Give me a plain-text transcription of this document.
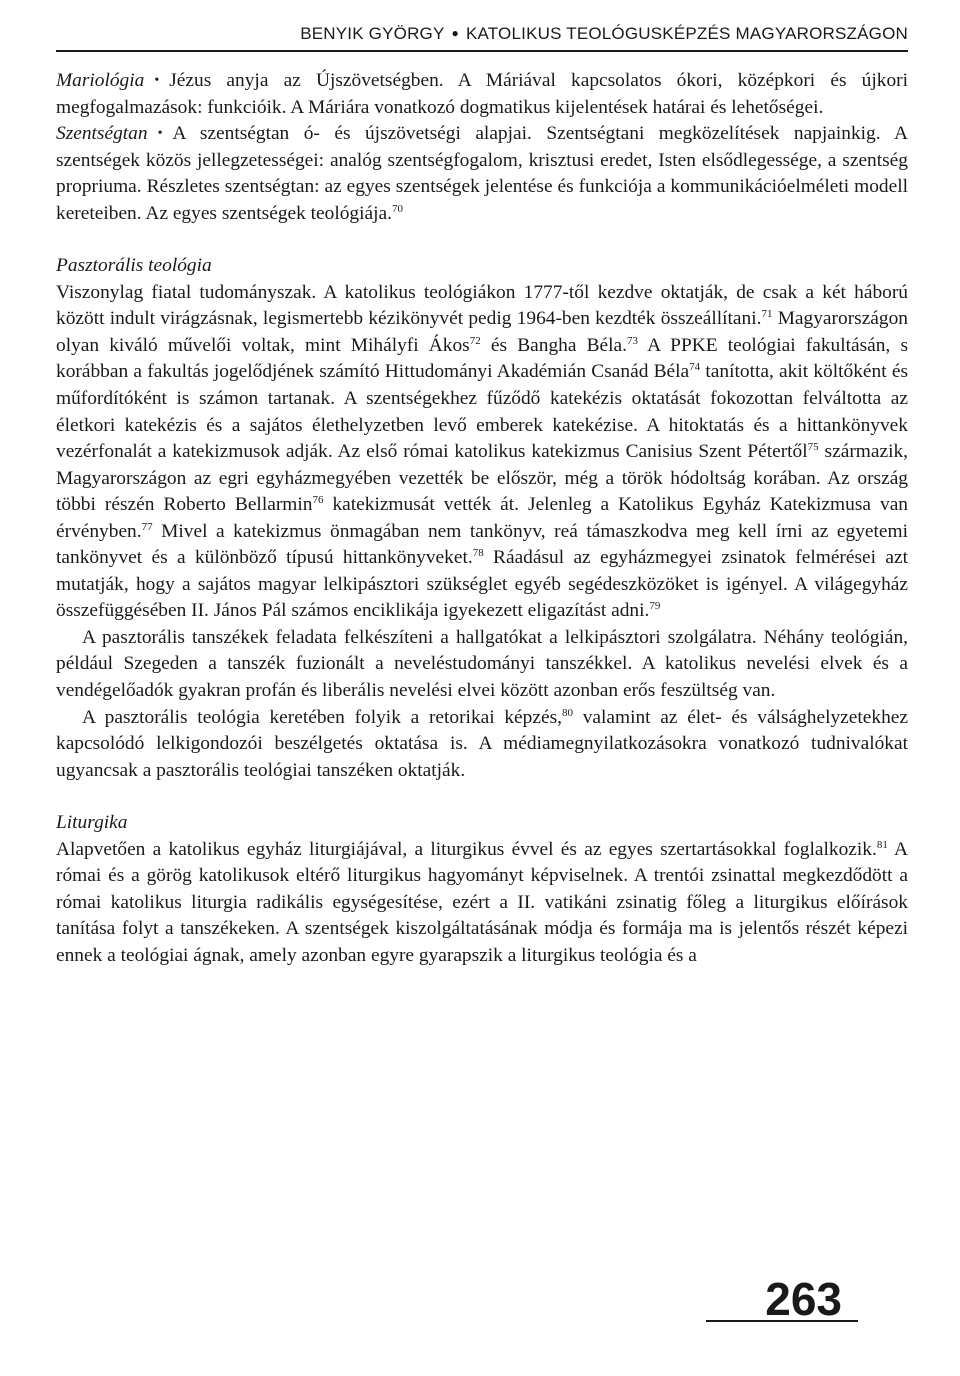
BENYIK GYÖRGY ● KATOLIKUS TEOLÓGUSKÉPZÉS MAGYARORSZÁGON

Mariológia • Jézus anyja az Újszövetségben. A Máriával kapcsolatos ókori, középkori és újkori megfogalmazások: funkcióik. A Máriára vonatkozó dogmatikus kijelentések határai és lehetőségei.

Szentségtan • A szentségtan ó- és újszövetségi alapjai. Szentségtani megközelítések napjainkig. A szentségek közös jellegzetességei: analóg szentségfogalom, krisztusi eredet, Isten elsődlegessége, a szentség propriuma. Részletes szentségtan: az egyes szentségek jelentése és funkciója a kommunikációelméleti modell kereteiben. Az egyes szentségek teológiája.$^{70}$

Pasztorális teológia

Viszonylag fiatal tudományszak. A katolikus teológiákon 1777-től kezdve oktatják, de csak a két háború között indult virágzásnak, legismertebb kézikönyvét pedig 1964-ben kezdték összeállítani.$^{71}$ Magyarországon olyan kiváló művelői voltak, mint Mihályfi Ákos$^{72}$ és Bangha Béla.$^{73}$ A PPKE teológiai fakultásán, s korábban a fakultás jogelődjének számító Hittudományi Akadémián Csanád Béla$^{74}$ tanította, akit költőként és műfordítóként is számon tartanak. A szentségekhez fűződő katekézis oktatását fokozottan felváltotta az életkori katekézis és a sajátos élethelyzetben levő emberek katekézise. A hitoktatás és a hittankönyvek vezérfonalát a katekizmusok adják. Az első római katolikus katekizmus Canisius Szent Pétertől$^{75}$ származik, Magyarországon az egri egyházmegyében vezették be először, még a török hódoltság korában. Az ország többi részén Roberto Bellarmin$^{76}$ katekizmusát vették át. Jelenleg a Katolikus Egyház Katekizmusa van érvényben.$^{77}$ Mivel a katekizmus önmagában nem tankönyv, reá támaszkodva meg kell írni az egyetemi tankönyvet és a különböző típusú hittankönyveket.$^{78}$ Ráadásul az egyházmegyei zsinatok felmérései azt mutatják, hogy a sajátos magyar lelkipásztori szükséglet egyéb segédeszközöket is igényel. A világegyház összefüggésében II. János Pál számos enciklikája igyekezett eligazítást adni.$^{79}$

A pasztorális tanszékek feladata felkészíteni a hallgatókat a lelkipásztori szolgálatra. Néhány teológián, például Szegeden a tanszék fuzionált a neveléstudományi tanszékkel. A katolikus nevelési elvek és a vendégelőadók gyakran profán és liberális nevelési elvei között azonban erős feszültség van.

A pasztorális teológia keretében folyik a retorikai képzés,$^{80}$ valamint az élet- és válsághelyzetekhez kapcsolódó lelkigondozói beszélgetés oktatása is. A médiamegnyilatkozásokra vonatkozó tudnivalókat ugyancsak a pasztorális teológiai tanszéken oktatják.

Liturgika

Alapvetően a katolikus egyház liturgiájával, a liturgikus évvel és az egyes szertartásokkal foglalkozik.$^{81}$ A római és a görög katolikusok eltérő liturgikus hagyományt képviselnek. A trentói zsinattal megkezdődött a római katolikus liturgia radikális egységesítése, ezért a II. vatikáni zsinatig főleg a liturgikus előírások tanítása folyt a tanszékeken. A szentségek kiszolgáltatásának módja és formája ma is jelentős részét képezi ennek a teológiai ágnak, amely azonban egyre gyarapszik a liturgikus teológia és a

263
